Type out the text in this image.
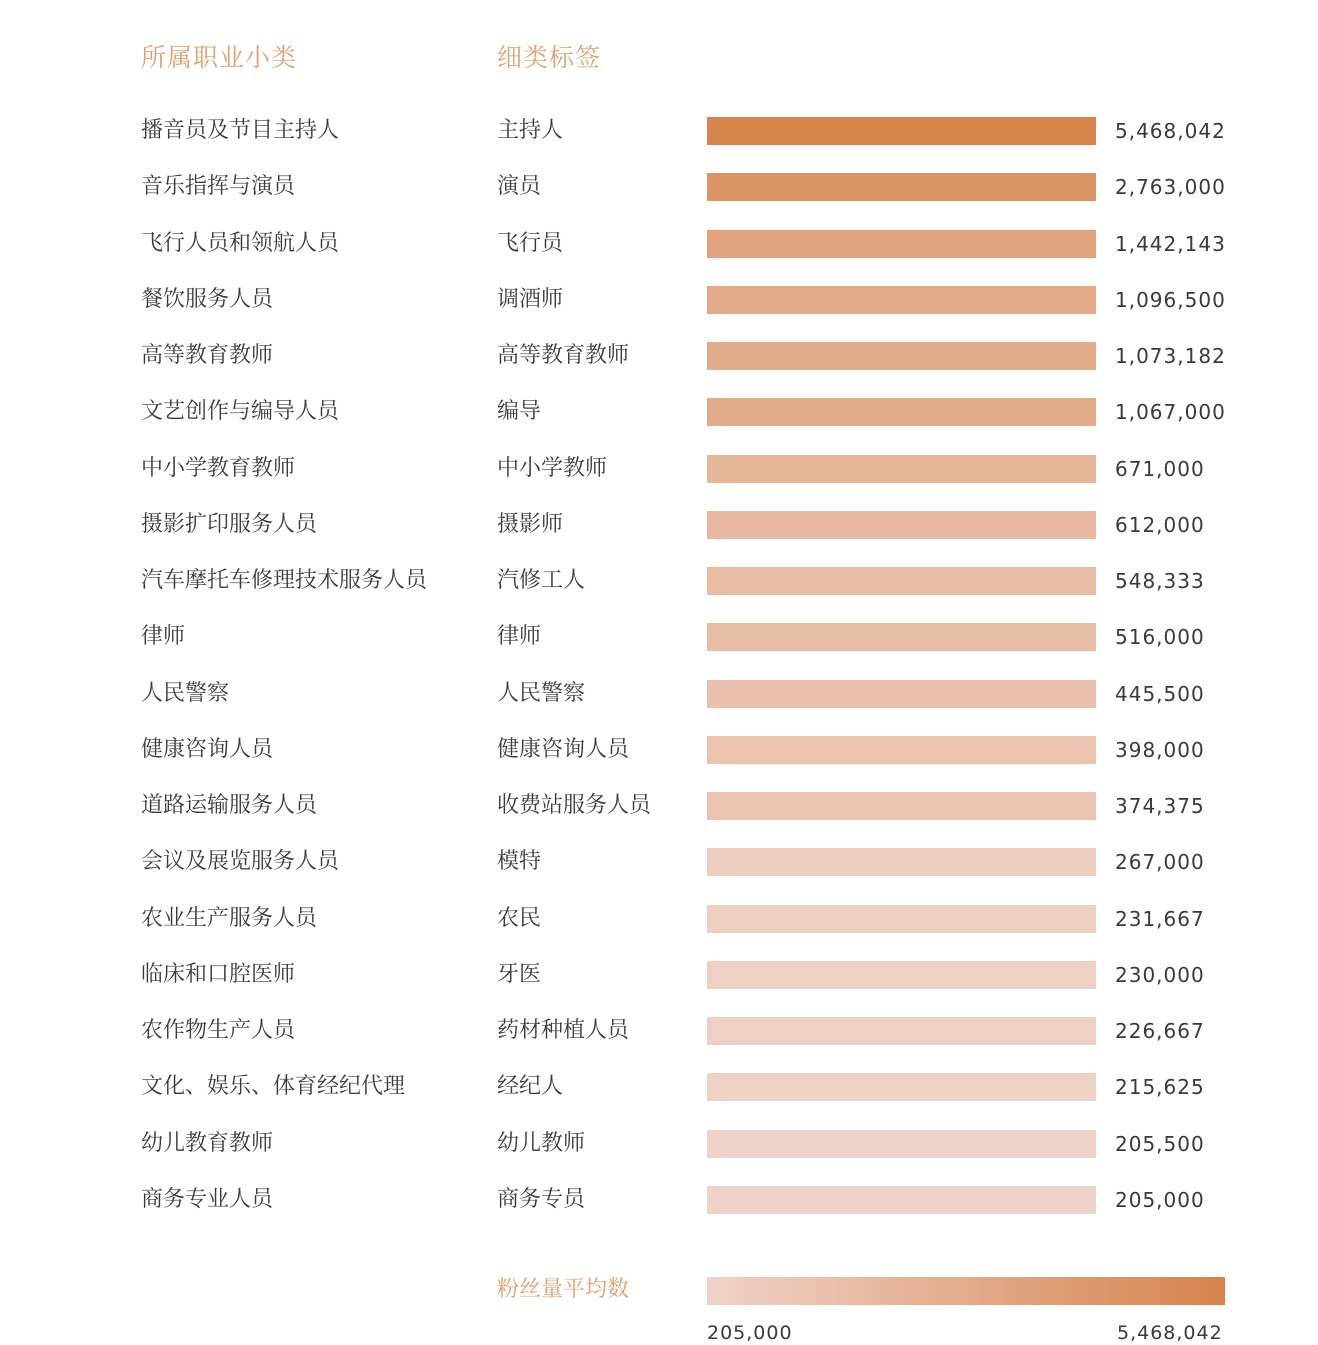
所属职业小类	细类标签
播音员及节目主持人	主持人	5,468,042
音乐指挥与演员	演员	2,763,000
飞行人员和领航人员	飞行员	1,442,143
餐饮服务人员	调酒师	1,096,500
高等教育教师	高等教育教师	1,073,182
文艺创作与编导人员	编导	1,067,000
中小学教育教师	中小学教师	671,000
摄影扩印服务人员	摄影师	612,000
汽车摩托车修理技术服务人员	汽修工人	548,333
律师	律师	516,000
人民警察	人民警察	445,500
健康咨询人员	健康咨询人员	398,000
道路运输服务人员	收费站服务人员	374,375
会议及展览服务人员	模特	267,000
农业生产服务人员	农民	231,667
临床和口腔医师	牙医	230,000
农作物生产人员	药材种植人员	226,667
文化、娱乐、体育经纪代理	经纪人	215,625
幼儿教育教师	幼儿教师	205,500
商务专业人员	商务专员	205,000
粉丝量平均数
205,000	5,468,042
